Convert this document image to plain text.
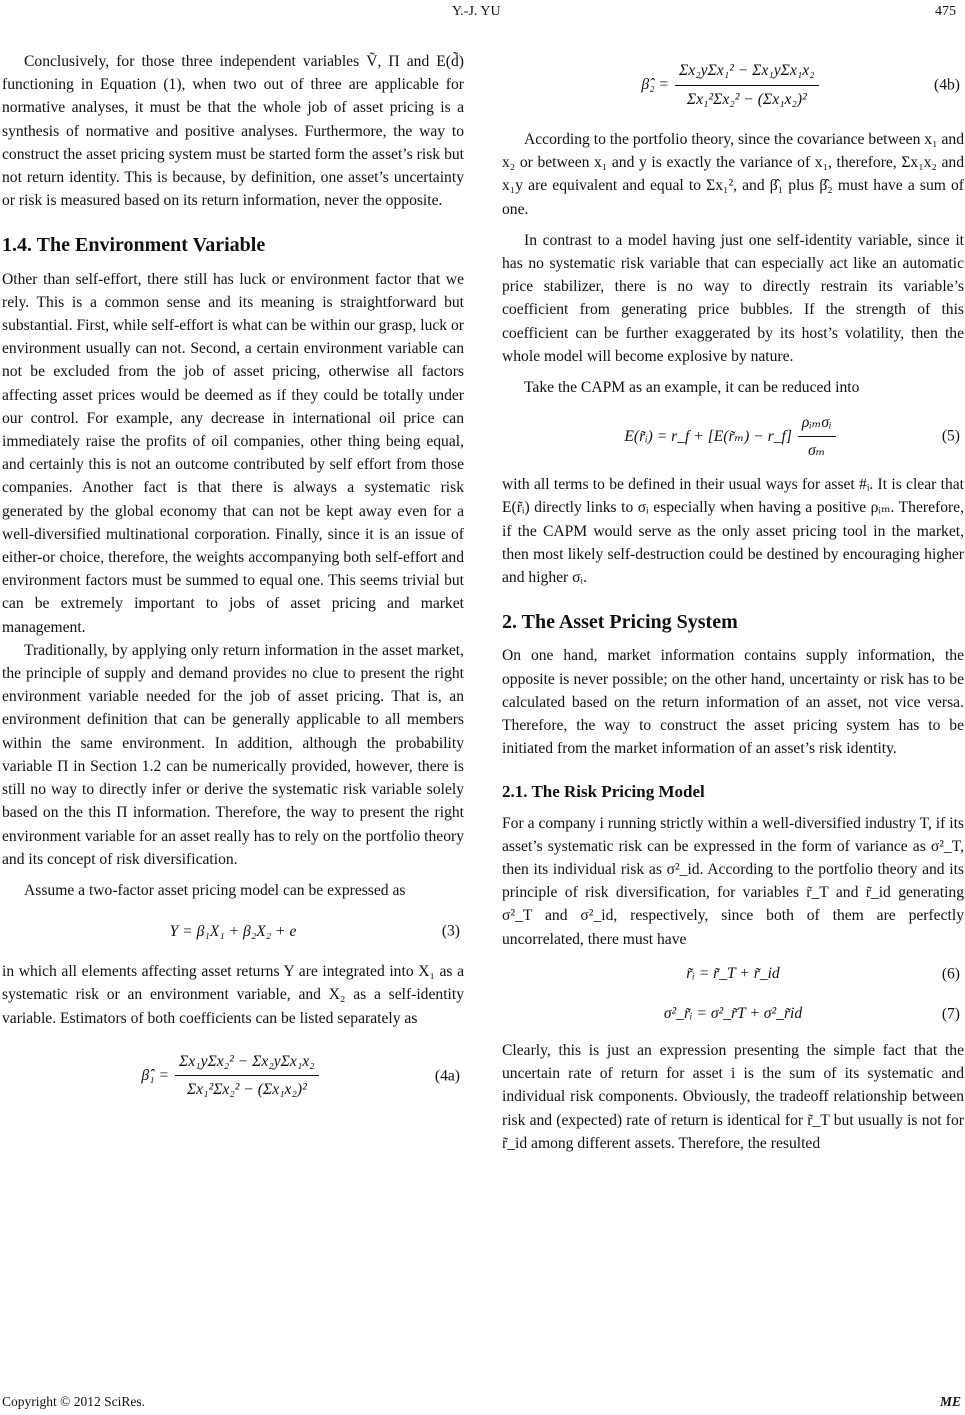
Y.-J. YU	475

Conclusively, for those three independent variables Ṽ, Π and E(d̃) functioning in Equation (1), when two out of three are applicable for normative analyses, it must be that the whole job of asset pricing is a synthesis of normative and positive analyses. Furthermore, the way to construct the asset pricing system must be started form the asset’s risk but not return identity. This is because, by definition, one asset’s uncertainty or risk is measured based on its return information, never the opposite.

1.4. The Environment Variable

Other than self-effort, there still has luck or environment factor that we rely. This is a common sense and its meaning is straightforward but substantial. First, while self-effort is what can be within our grasp, luck or environment usually can not. Second, a certain environment variable can not be excluded from the job of asset pricing, otherwise all factors affecting asset prices would be deemed as if they could be totally under our control. For example, any decrease in international oil price can immediately raise the profits of oil companies, other thing being equal, and certainly this is not an outcome contributed by self effort from those companies. Another fact is that there is always a systematic risk generated by the global economy that can not be kept away even for a well-diversified multinational corporation. Finally, since it is an issue of either-or choice, therefore, the weights accompanying both self-effort and environment factors must be summed to equal one. This seems trivial but can be extremely important to jobs of asset pricing and market management.

Traditionally, by applying only return information in the asset market, the principle of supply and demand provides no clue to present the right environment variable needed for the job of asset pricing. That is, an environment definition that can be generally applicable to all members within the same environment. In addition, although the probability variable Π in Section 1.2 can be numerically provided, however, there is still no way to directly infer or derive the systematic risk variable solely based on the this Π information. Therefore, the way to present the right environment variable for an asset really has to rely on the portfolio theory and its concept of risk diversification.

Assume a two-factor asset pricing model can be expressed as

Y = β₁X₁ + β₂X₂ + e	(3)

in which all elements affecting asset returns Y are integrated into X₁ as a systematic risk or an environment variable, and X₂ as a self-identity variable. Estimators of both coefficients can be listed separately as

β̂₁ = $\frac{\text{Σx₁yΣx₂² − Σx₂yΣx₁x₂}}{\text{Σx₁²Σx₂² − (Σx₁x₂)²}}$	(4a)
β̂₂ = $\frac{\text{Σx₂yΣx₁² − Σx₁yΣx₁x₂}}{\text{Σx₁²Σx₂² − (Σx₁x₂)²}}$	(4b)

According to the portfolio theory, since the covariance between x₁ and x₂ or between x₁ and y is exactly the variance of x₁, therefore, Σx₁x₂ and x₁y are equivalent and equal to Σx₁², and β̂₁ plus β̂₂ must have a sum of one.

In contrast to a model having just one self-identity variable, since it has no systematic risk variable that can especially act like an automatic price stabilizer, there is no way to directly restrain its variable’s coefficient from generating price bubbles. If the strength of this coefficient can be further exaggerated by its host’s volatility, then the whole model will become explosive by nature.

Take the CAPM as an example, it can be reduced into

E(r̃ᵢ) = r_f + [E(r̃ₘ) − r_f] $\frac{\text{ρᵢₘσᵢ}}{\text{σₘ}}$	(5)

with all terms to be defined in their usual ways for asset #ᵢ. It is clear that E(r̃ᵢ) directly links to σᵢ especially when having a positive ρᵢₘ. Therefore, if the CAPM would serve as the only asset pricing tool in the market, then most likely self-destruction could be destined by encouraging higher and higher σᵢ.

2. The Asset Pricing System

On one hand, market information contains supply information, the opposite is never possible; on the other hand, uncertainty or risk has to be calculated based on the return information of an asset, not vice versa. Therefore, the way to construct the asset pricing system has to be initiated from the market information of an asset’s risk identity.

2.1. The Risk Pricing Model

For a company i running strictly within a well-diversified industry T, if its asset’s systematic risk can be expressed in the form of variance as σ²_T, then its individual risk as σ²_id. According to the portfolio theory and its principle of risk diversification, for variables r̃_T and r̃_id generating σ²_T and σ²_id, respectively, since both of them are perfectly uncorrelated, there must have

r̃ᵢ = r̃_T + r̃_id	(6)
σ²_r̃ᵢ = σ²_r̃T + σ²_r̃id	(7)

Clearly, this is just an expression presenting the simple fact that the uncertain rate of return for asset i is the sum of its systematic and individual risk components. Obviously, the tradeoff relationship between risk and (expected) rate of return is identical for r̃_T but usually is not for r̃_id among different assets. Therefore, the resulted

Copyright © 2012 SciRes.	ME
